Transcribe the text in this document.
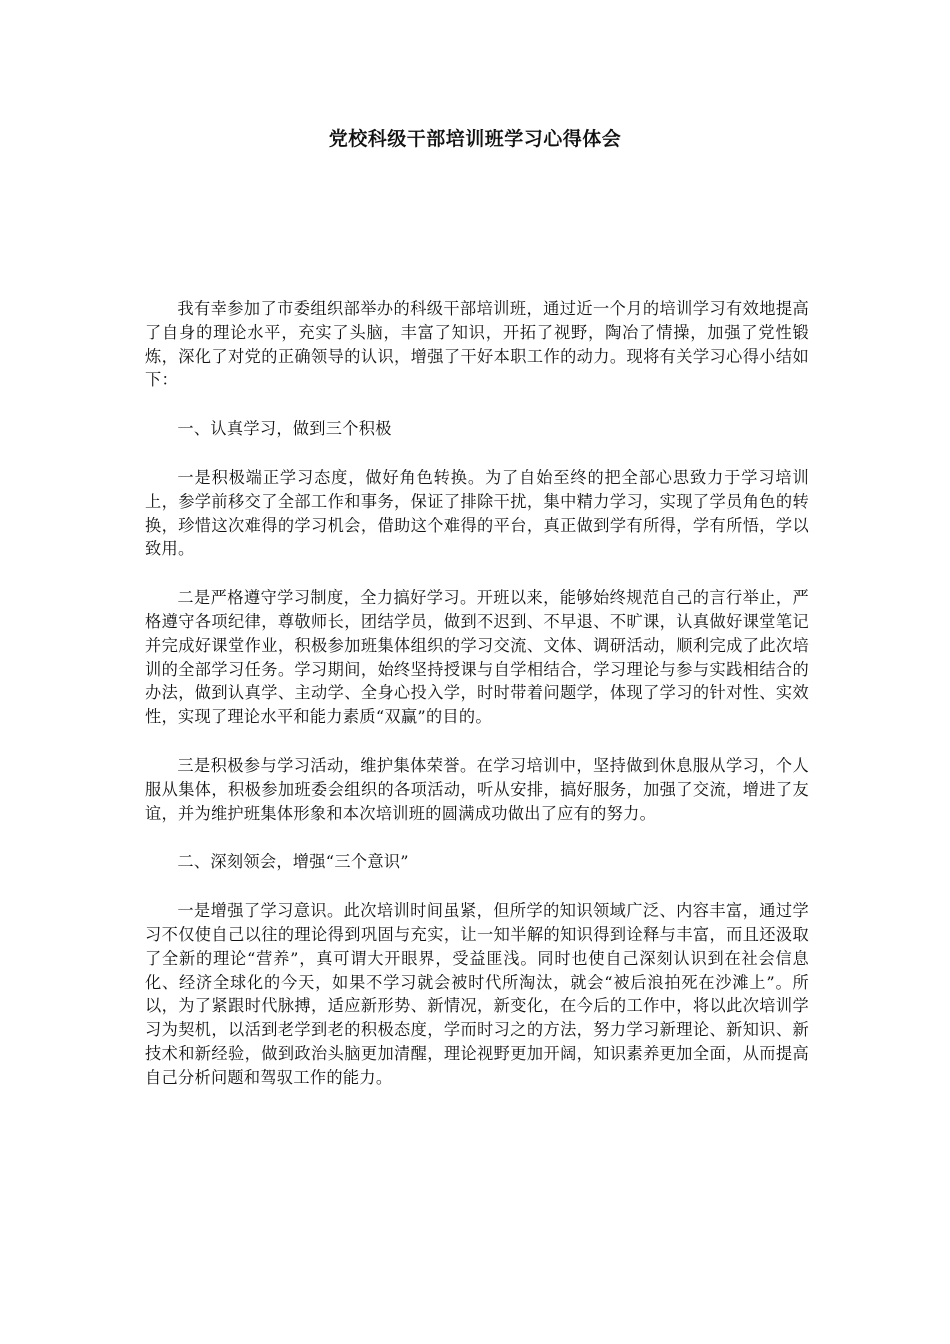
党校科级干部培训班学习心得体会

我有幸参加了市委组织部举办的科级干部培训班，通过近一个月的培训学习有效地提高了自身的理论水平，充实了头脑，丰富了知识，开拓了视野，陶冶了情操，加强了党性锻炼，深化了对党的正确领导的认识，增强了干好本职工作的动力。现将有关学习心得小结如下：

一、认真学习，做到三个积极

一是积极端正学习态度，做好角色转换。为了自始至终的把全部心思致力于学习培训上，参学前移交了全部工作和事务，保证了排除干扰，集中精力学习，实现了学员角色的转换，珍惜这次难得的学习机会，借助这个难得的平台，真正做到学有所得，学有所悟，学以致用。

二是严格遵守学习制度，全力搞好学习。开班以来，能够始终规范自己的言行举止，严格遵守各项纪律，尊敬师长，团结学员，做到不迟到、不早退、不旷课，认真做好课堂笔记并完成好课堂作业，积极参加班集体组织的学习交流、文体、调研活动，顺利完成了此次培训的全部学习任务。学习期间，始终坚持授课与自学相结合，学习理论与参与实践相结合的办法，做到认真学、主动学、全身心投入学，时时带着问题学，体现了学习的针对性、实效性，实现了理论水平和能力素质“双赢”的目的。

三是积极参与学习活动，维护集体荣誉。在学习培训中，坚持做到休息服从学习，个人服从集体，积极参加班委会组织的各项活动，听从安排，搞好服务，加强了交流，增进了友谊，并为维护班集体形象和本次培训班的圆满成功做出了应有的努力。

二、深刻领会，增强“三个意识”

一是增强了学习意识。此次培训时间虽紧，但所学的知识领域广泛、内容丰富，通过学习不仅使自己以往的理论得到巩固与充实，让一知半解的知识得到诠释与丰富，而且还汲取了全新的理论“营养”，真可谓大开眼界，受益匪浅。同时也使自己深刻认识到在社会信息化、经济全球化的今天，如果不学习就会被时代所淘汰，就会“被后浪拍死在沙滩上”。所以，为了紧跟时代脉搏，适应新形势、新情况，新变化，在今后的工作中，将以此次培训学习为契机，以活到老学到老的积极态度，学而时习之的方法，努力学习新理论、新知识、新技术和新经验，做到政治头脑更加清醒，理论视野更加开阔，知识素养更加全面，从而提高自己分析问题和驾驭工作的能力。
